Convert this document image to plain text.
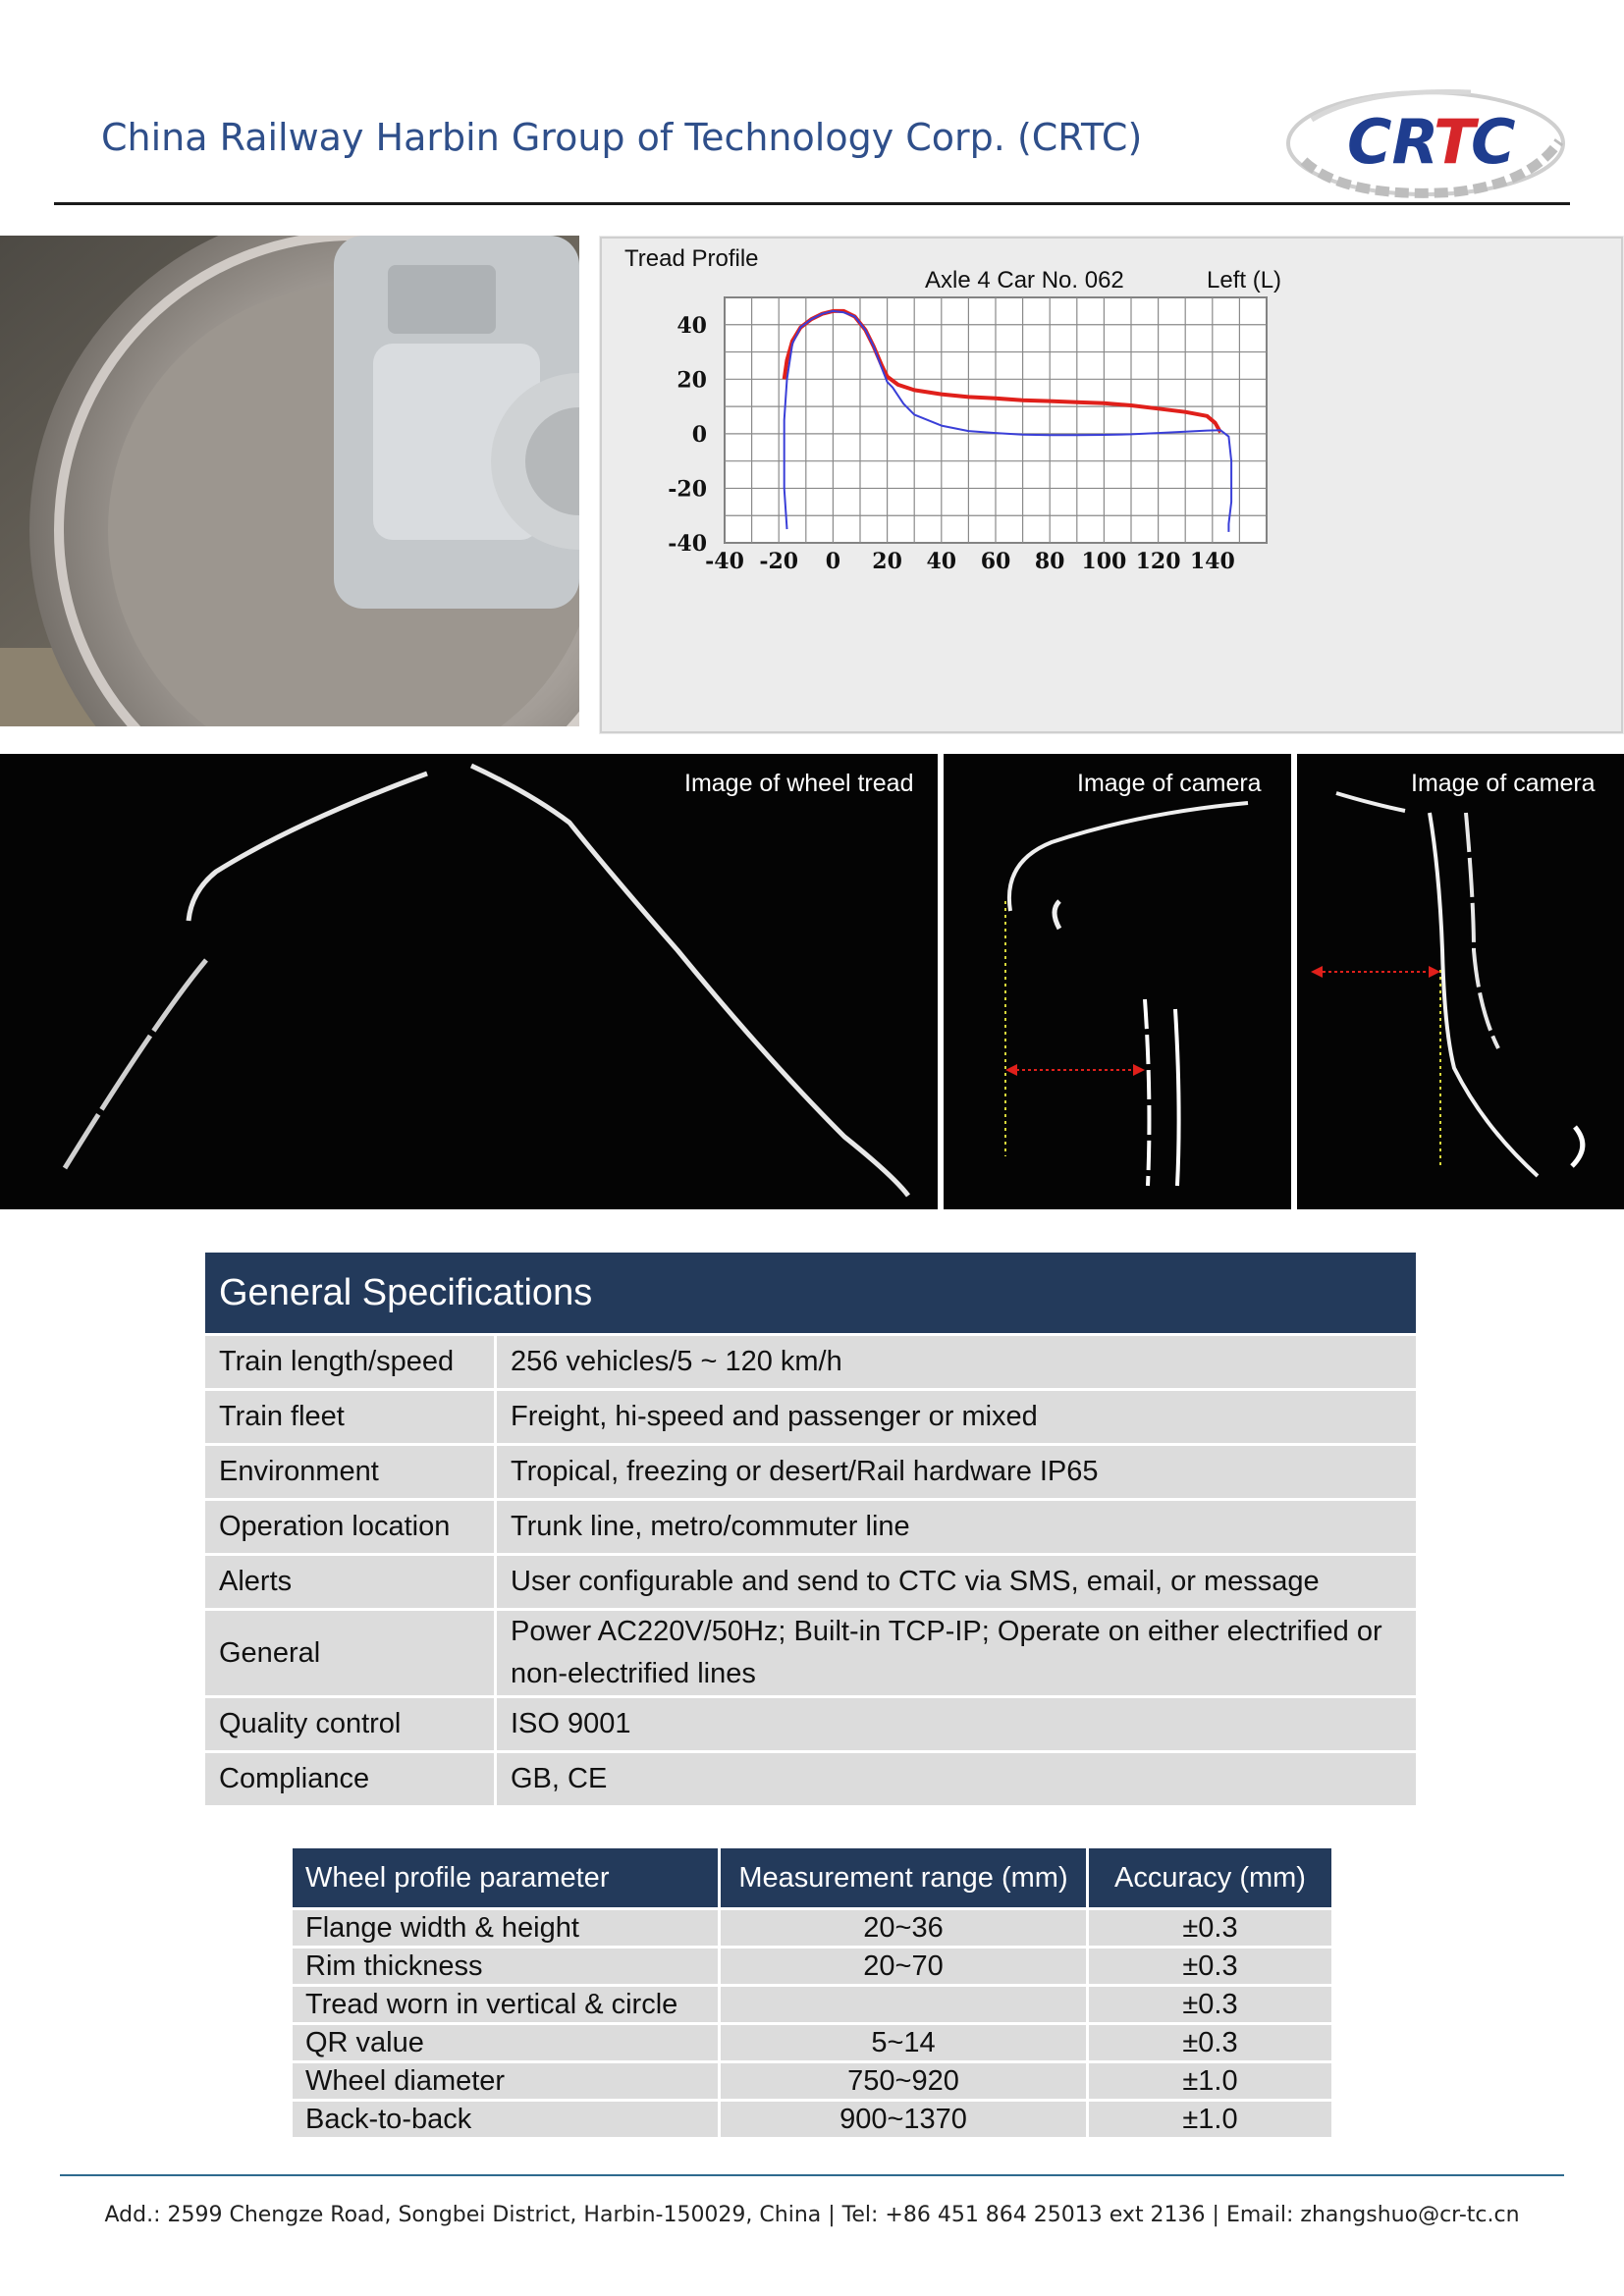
China Railway Harbin Group of Technology Corp. (CRTC)	CR
T
C
Tread Profile
Axle 4 Car No. 062	Left (L)
40
20
0
-20
-40
-40 -20 0 20 40 60 80 100 120 140
Image of wheel tread	Image of camera	Image of camera
General Specifications	
Train length/speed	256 vehicles/5 ~ 120 km/h
Train fleet	Freight, hi-speed and passenger or mixed
Environment	Tropical, freezing or desert/Rail hardware IP65
Operation location	Trunk line, metro/commuter line
Alerts	User configurable and send to CTC via SMS, email, or message
General	Power AC220V/50Hz; Built-in TCP-IP; Operate on either electrified or non-electrified lines
Quality control	ISO 9001
Compliance	GB, CE
Wheel profile parameter	Measurement range (mm)	Accuracy (mm)
Flange width & height	20~36	±0.3
Rim thickness	20~70	±0.3
Tread worn in vertical & circle		±0.3
QR value	5~14	±0.3
Wheel diameter	750~920	±1.0
Back-to-back	900~1370	±1.0
Add.: 2599 Chengze Road, Songbei District, Harbin-150029, China | Tel: +86 451 864 25013 ext 2136 | Email: zhangshuo@cr-tc.cn
